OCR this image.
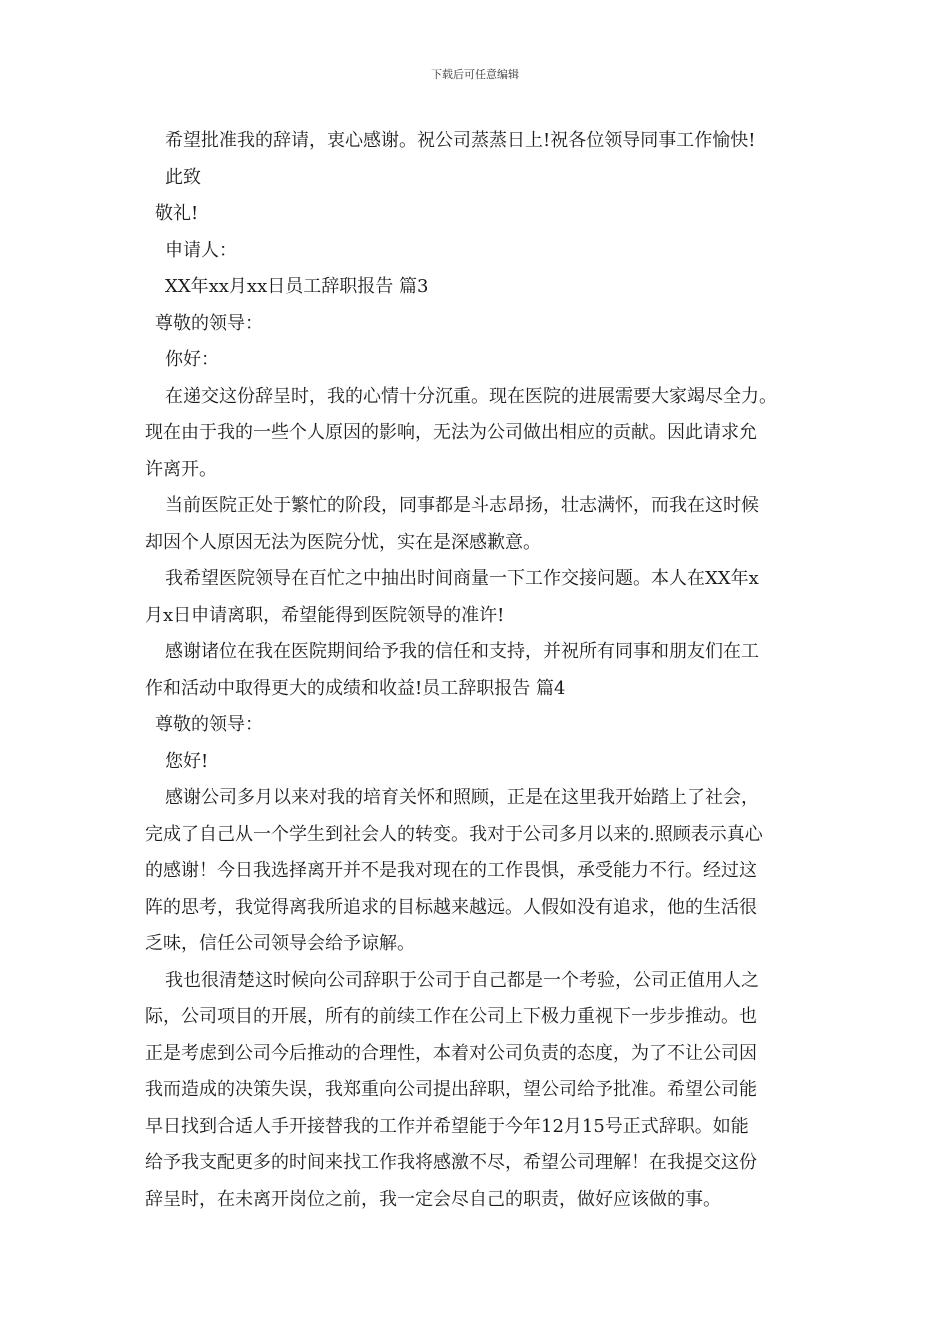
下载后可任意编辑

希望批准我的辞请，衷心感谢。祝公司蒸蒸日上!祝各位领导同事工作愉快!

此致

敬礼!

申请人：

XX年xx月xx日员工辞职报告 篇3

尊敬的领导：

你好：

在递交这份辞呈时，我的心情十分沉重。现在医院的进展需要大家竭尽全力。

现在由于我的一些个人原因的影响，无法为公司做出相应的贡献。因此请求允

许离开。

当前医院正处于繁忙的阶段，同事都是斗志昂扬，壮志满怀，而我在这时候

却因个人原因无法为医院分忧，实在是深感歉意。

我希望医院领导在百忙之中抽出时间商量一下工作交接问题。本人在XX年x

月x日申请离职，希望能得到医院领导的准许!

感谢诸位在我在医院期间给予我的信任和支持，并祝所有同事和朋友们在工

作和活动中取得更大的成绩和收益!员工辞职报告 篇4

尊敬的领导：

您好!

感谢公司多月以来对我的培育关怀和照顾，正是在这里我开始踏上了社会，

完成了自己从一个学生到社会人的转变。我对于公司多月以来的.照顾表示真心

的感谢！今日我选择离开并不是我对现在的工作畏惧，承受能力不行。经过这

阵的思考，我觉得离我所追求的目标越来越远。人假如没有追求，他的生活很

乏味，信任公司领导会给予谅解。

我也很清楚这时候向公司辞职于公司于自己都是一个考验，公司正值用人之

际，公司项目的开展，所有的前续工作在公司上下极力重视下一步步推动。也

正是考虑到公司今后推动的合理性，本着对公司负责的态度，为了不让公司因

我而造成的决策失误，我郑重向公司提出辞职，望公司给予批准。希望公司能

早日找到合适人手开接替我的工作并希望能于今年12月15号正式辞职。如能

给予我支配更多的时间来找工作我将感激不尽，希望公司理解！在我提交这份

辞呈时，在未离开岗位之前，我一定会尽自己的职责，做好应该做的事。
